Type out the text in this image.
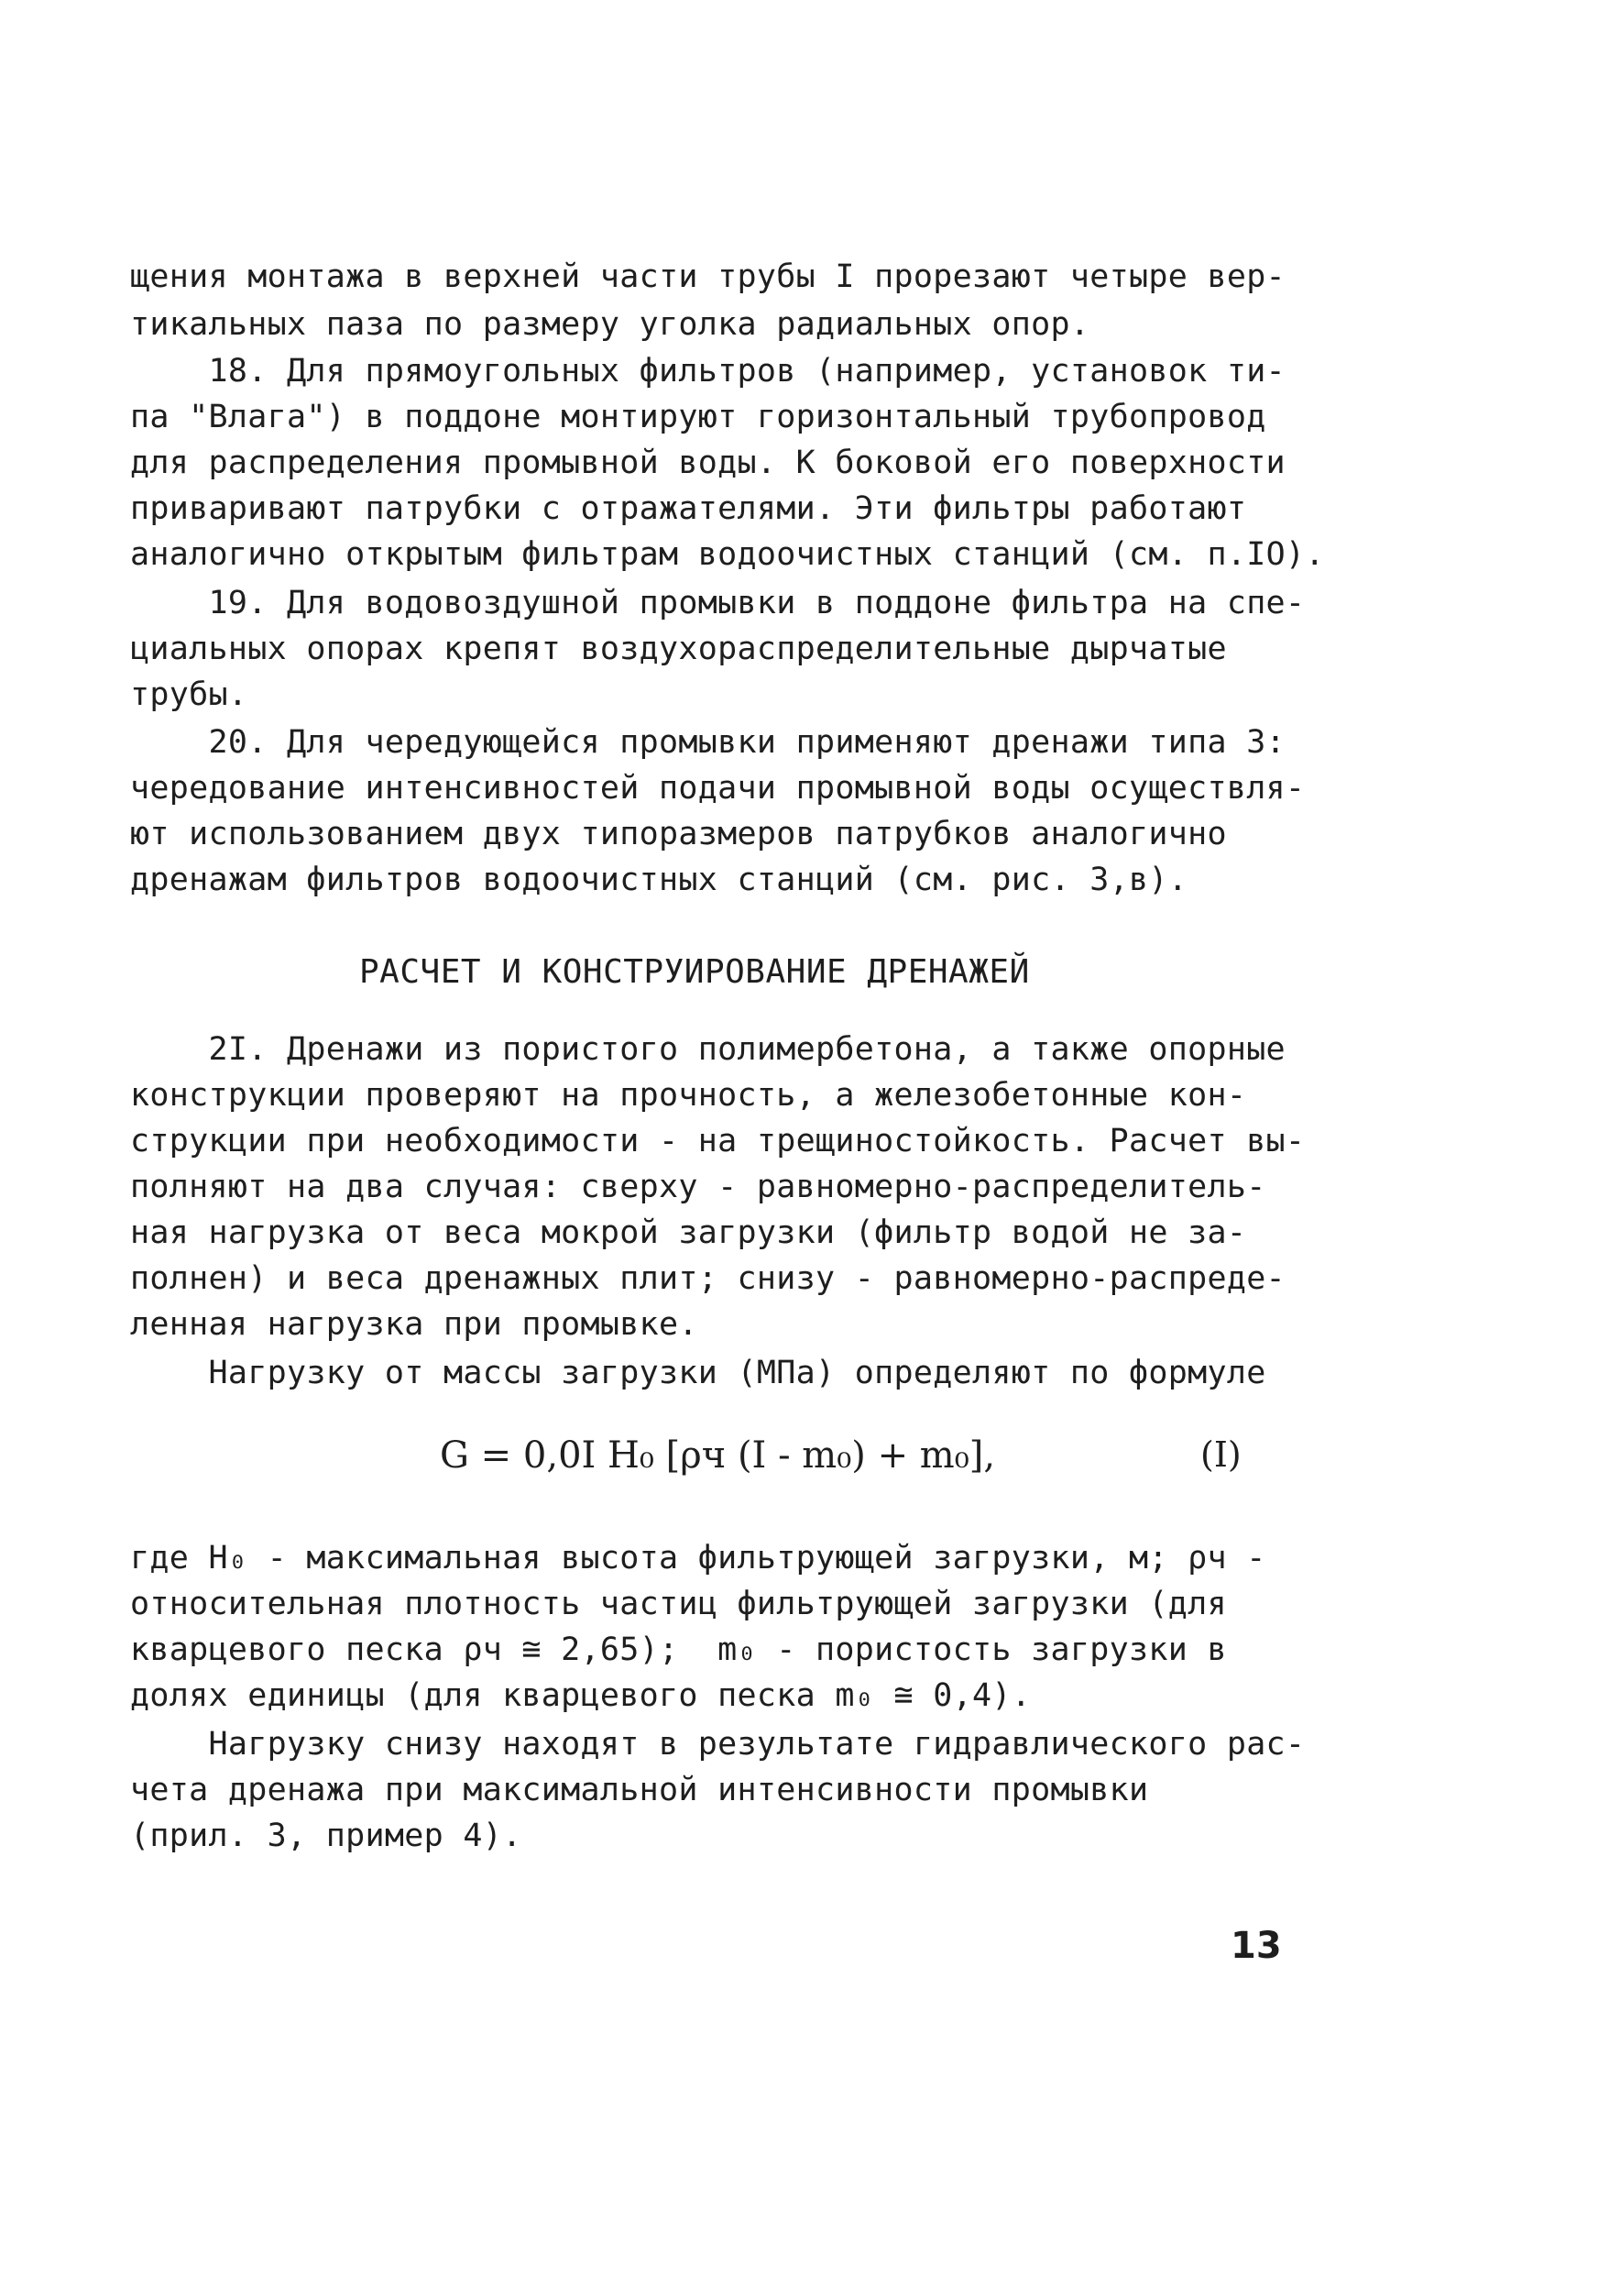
щения монтажа в верхней части трубы I прорезают четыре вер-
тикальных паза по размеру уголка радиальных опор.
18. Для прямоугольных фильтров (например, установок ти-
па "Влага") в поддоне монтируют горизонтальный трубопровод
для распределения промывной воды. К боковой его поверхности
приваривают патрубки с отражателями. Эти фильтры работают
аналогично открытым фильтрам водоочистных станций (см. п.IO).
19. Для водовоздушной промывки в поддоне фильтра на спе-
циальных опорах крепят воздухораспределительные дырчатые
трубы.
20. Для чередующейся промывки применяют дренажи типа 3:
чередование интенсивностей подачи промывной воды осуществля-
ют использованием двух типоразмеров патрубков аналогично
дренажам фильтров водоочистных станций (см. рис. 3,в).
РАСЧЕТ И КОНСТРУИРОВАНИЕ ДРЕНАЖЕЙ
2I. Дренажи из пористого полимербетона, а также опорные
конструкции проверяют на прочность, а железобетонные кон-
струкции при необходимости - на трещиностойкость. Расчет вы-
полняют на два случая: сверху - равномерно-распределитель-
ная нагрузка от веса мокрой загрузки (фильтр водой не за-
полнен) и веса дренажных плит; снизу - равномерно-распреде-
ленная нагрузка при промывке.
Нагрузку от массы загрузки (МПа) определяют по формуле
G = 0,0I H₀ [ρч (I - m₀) + m₀],	(I)
где H₀ - максимальная высота фильтрующей загрузки, м; ρч -
относительная плотность частиц фильтрующей загрузки (для
кварцевого песка ρч ≅ 2,65);  m₀ - пористость загрузки в
долях единицы (для кварцевого песка m₀ ≅ 0,4).
Нагрузку снизу находят в результате гидравлического рас-
чета дренажа при максимальной интенсивности промывки
(прил. 3, пример 4).
13
